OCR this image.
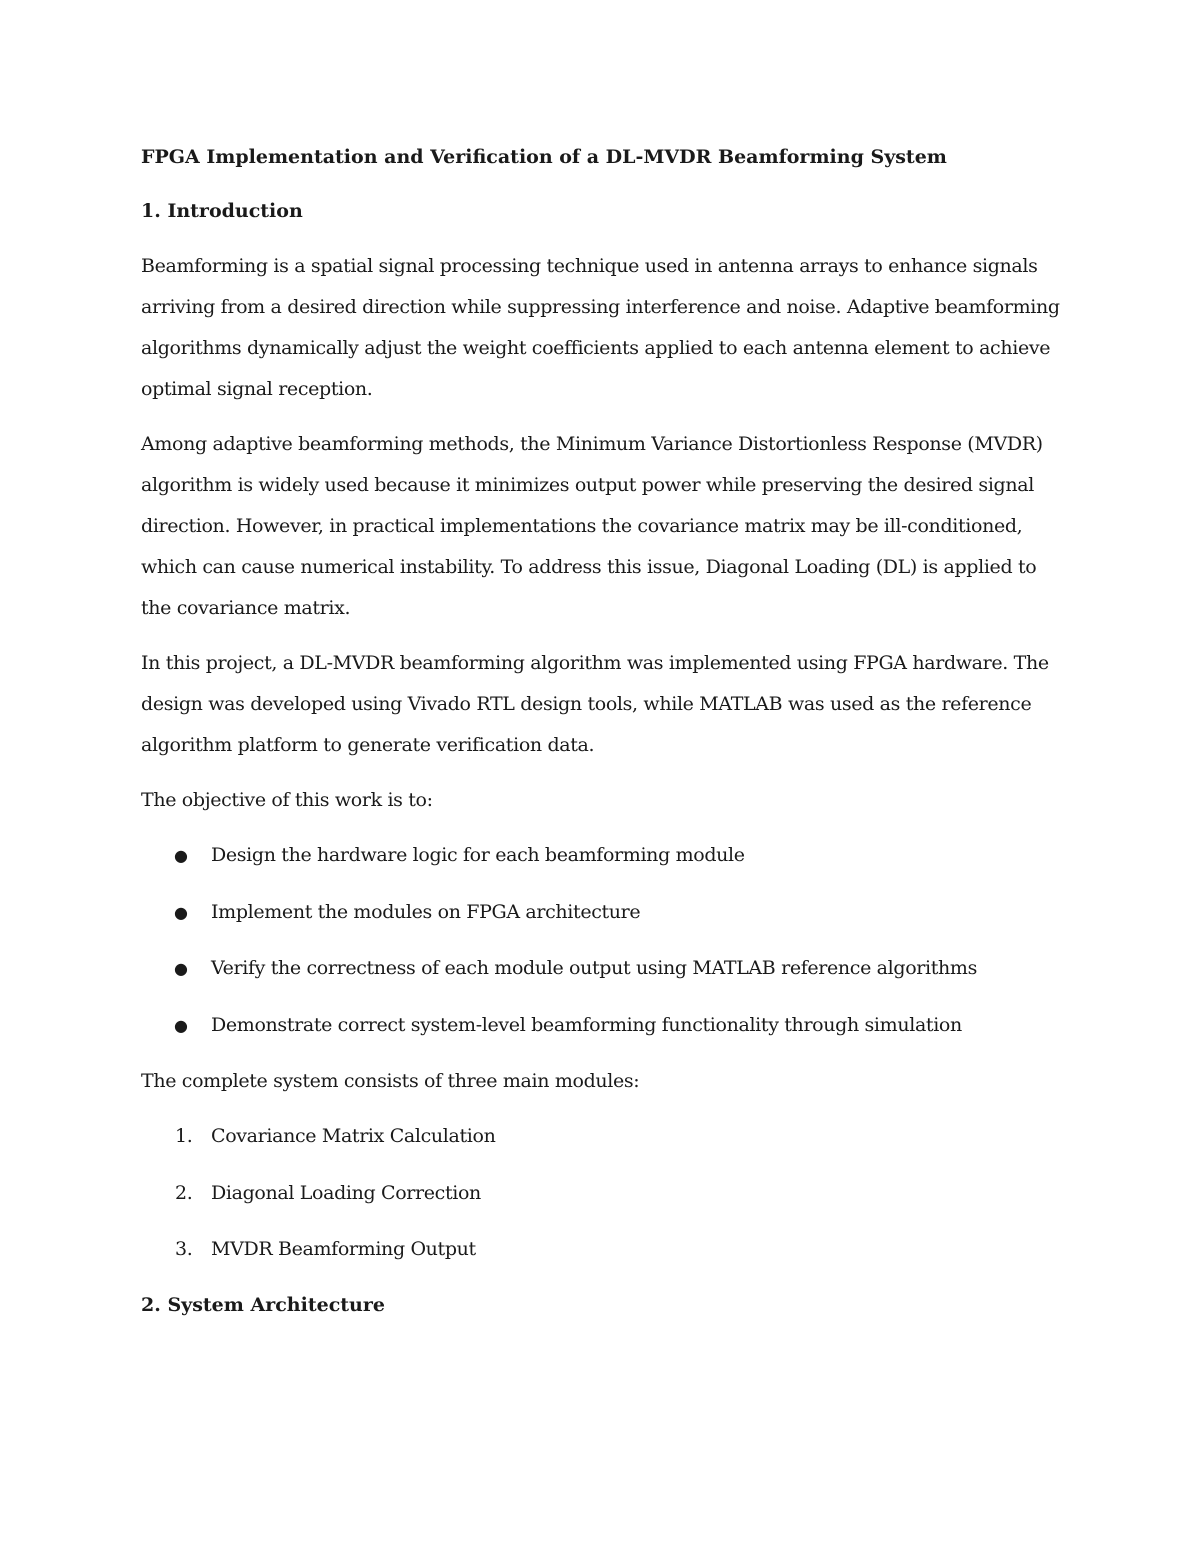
FPGA Implementation and Verification of a DL-MVDR Beamforming System
1. Introduction

Beamforming is a spatial signal processing technique used in antenna arrays to enhance signals arriving from a desired direction while suppressing interference and noise. Adaptive beamforming algorithms dynamically adjust the weight coefficients applied to each antenna element to achieve optimal signal reception.

Among adaptive beamforming methods, the Minimum Variance Distortionless Response (MVDR) algorithm is widely used because it minimizes output power while preserving the desired signal direction. However, in practical implementations the covariance matrix may be ill-conditioned, which can cause numerical instability. To address this issue, Diagonal Loading (DL) is applied to the covariance matrix.

In this project, a DL-MVDR beamforming algorithm was implemented using FPGA hardware. The design was developed using Vivado RTL design tools, while MATLAB was used as the reference algorithm platform to generate verification data.

The objective of this work is to:

● Design the hardware logic for each beamforming module
● Implement the modules on FPGA architecture
● Verify the correctness of each module output using MATLAB reference algorithms
● Demonstrate correct system-level beamforming functionality through simulation

The complete system consists of three main modules:

1. Covariance Matrix Calculation
2. Diagonal Loading Correction
3. MVDR Beamforming Output
2. System Architecture
